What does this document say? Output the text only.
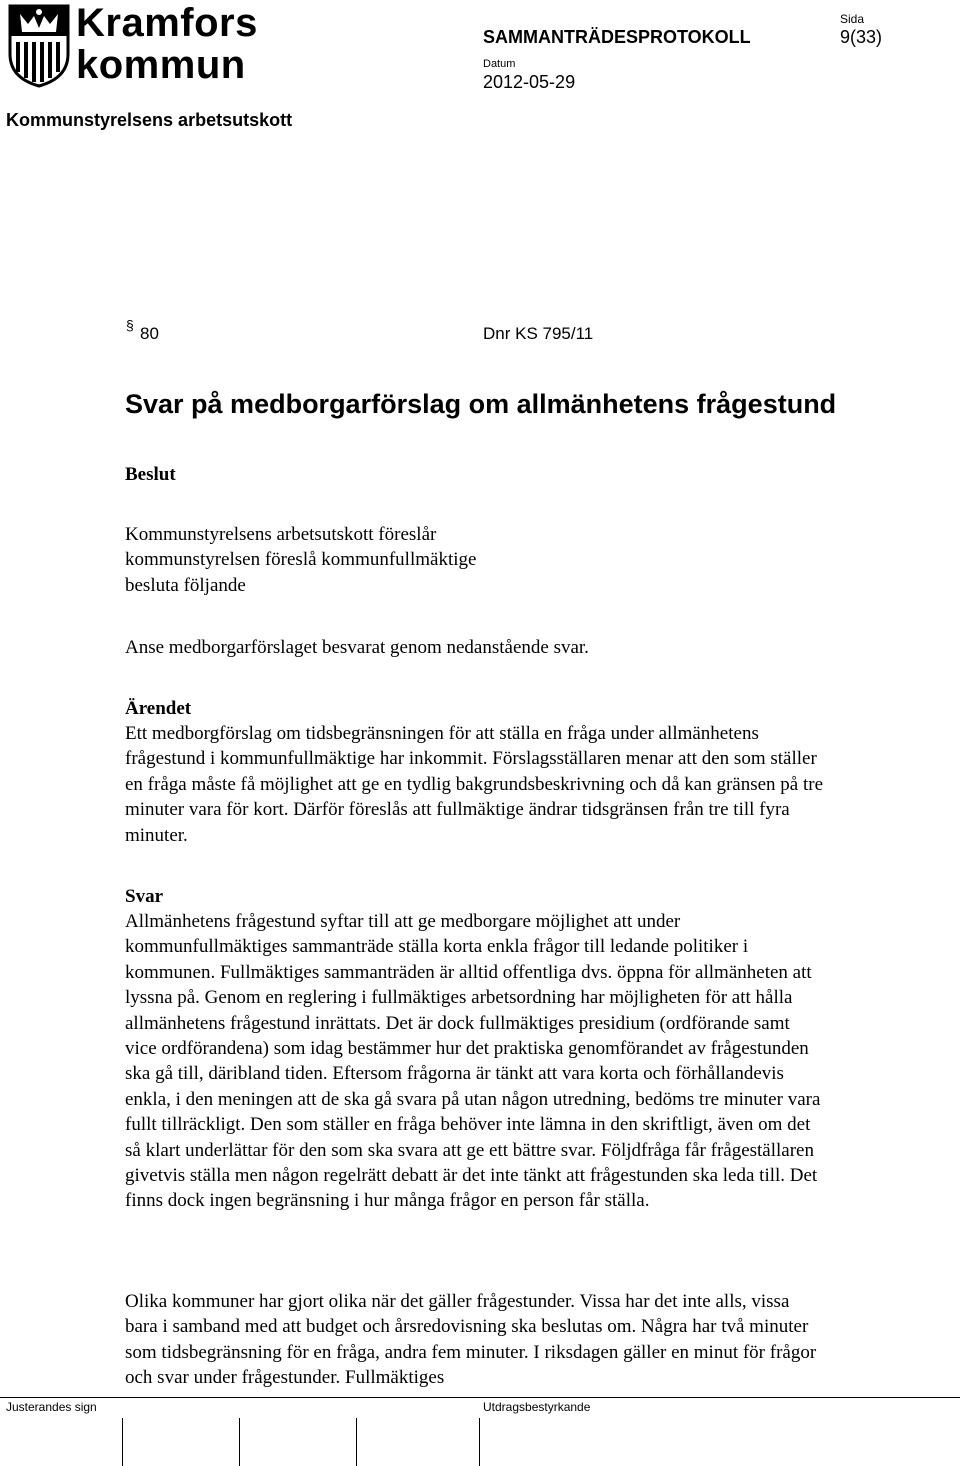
Kramfors kommun
Kommunstyrelsens arbetsutskott
SAMMANTRÄDESPROTOKOLL
Datum
2012-05-29
Sida
9(33)
§ 80	Dnr KS 795/11
Svar på medborgarförslag om allmänhetens frågestund
Beslut
Kommunstyrelsens arbetsutskott föreslår kommunstyrelsen föreslå kommunfullmäktige besluta följande
Anse medborgarförslaget besvarat genom nedanstående svar.
Ärendet
Ett medborgförslag om tidsbegränsningen för att ställa en fråga under allmänhetens frågestund i kommunfullmäktige har inkommit. Förslagsställaren menar att den som ställer en fråga måste få möjlighet att ge en tydlig bakgrundsbeskrivning och då kan gränsen på tre minuter vara för kort. Därför föreslås att fullmäktige ändrar tidsgränsen från tre till fyra minuter.
Svar
Allmänhetens frågestund syftar till att ge medborgare möjlighet att under kommunfullmäktiges sammanträde ställa korta enkla frågor till ledande politiker i kommunen. Fullmäktiges sammanträden är alltid offentliga dvs. öppna för allmänheten att lyssna på. Genom en reglering i fullmäktiges arbetsordning har möjligheten för att hålla allmänhetens frågestund inrättats. Det är dock fullmäktiges presidium (ordförande samt vice ordförandena) som idag bestämmer hur det praktiska genomförandet av frågestunden ska gå till, däribland tiden. Eftersom frågorna är tänkt att vara korta och förhållandevis enkla, i den meningen att de ska gå svara på utan någon utredning, bedöms tre minuter vara fullt tillräckligt. Den som ställer en fråga behöver inte lämna in den skriftligt, även om det så klart underlättar för den som ska svara att ge ett bättre svar. Följdfråga får frågeställaren givetvis ställa men någon regelrätt debatt är det inte tänkt att frågestunden ska leda till. Det finns dock ingen begränsning i hur många frågor en person får ställa.
Olika kommuner har gjort olika när det gäller frågestunder. Vissa har det inte alls, vissa bara i samband med att budget och årsredovisning ska beslutas om. Några har två minuter som tidsbegränsning för en fråga, andra fem minuter. I riksdagen gäller en minut för frågor och svar under frågestunder. Fullmäktiges
Justerandes sign	Utdragsbestyrkande
